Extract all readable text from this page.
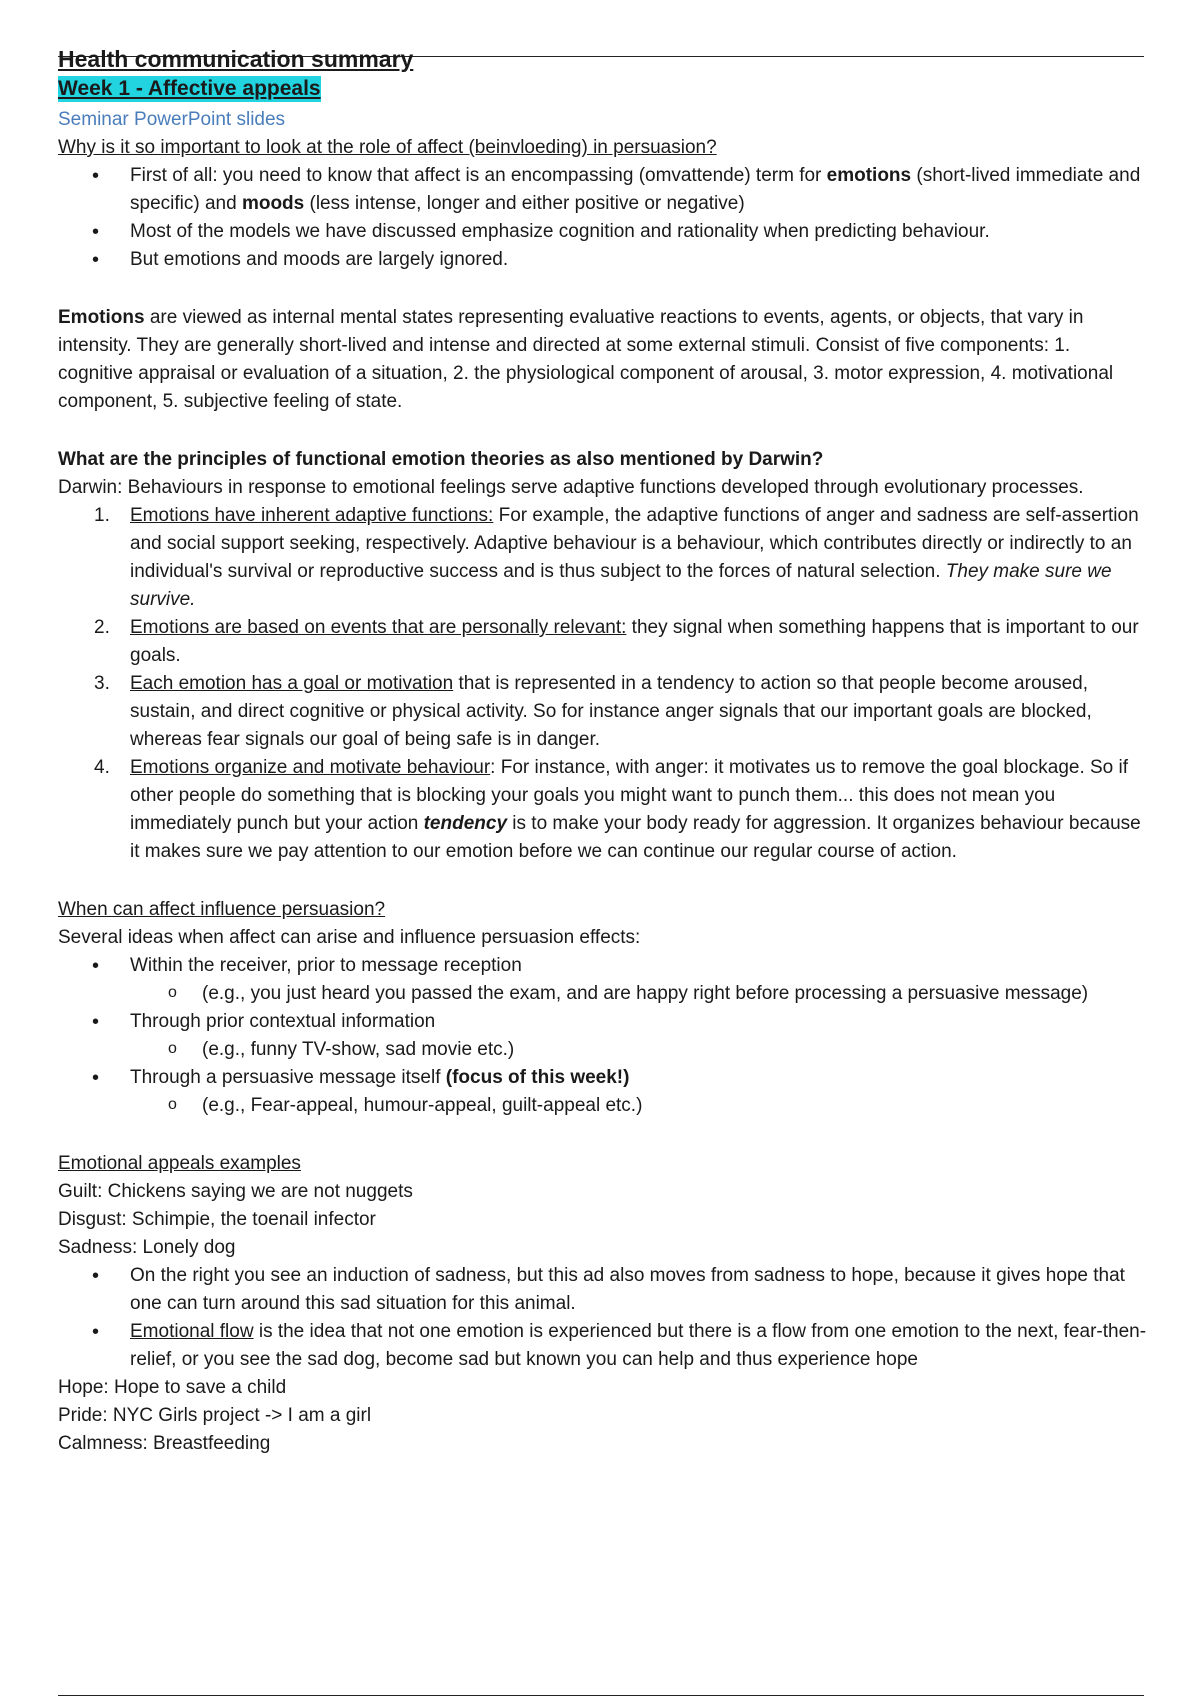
Health communication summary
Week 1 - Affective appeals
Seminar PowerPoint slides

Why is it so important to look at the role of affect (beinvloeding) in persuasion?

• First of all: you need to know that affect is an encompassing (omvattende) term for emotions (short-lived immediate and specific) and moods (less intense, longer and either positive or negative)
• Most of the models we have discussed emphasize cognition and rationality when predicting behaviour.
• But emotions and moods are largely ignored.

Emotions are viewed as internal mental states representing evaluative reactions to events, agents, or objects, that vary in intensity. They are generally short-lived and intense and directed at some external stimuli. Consist of five components: 1. cognitive appraisal or evaluation of a situation, 2. the physiological component of arousal, 3. motor expression, 4. motivational component, 5. subjective feeling of state.

What are the principles of functional emotion theories as also mentioned by Darwin?

Darwin: Behaviours in response to emotional feelings serve adaptive functions developed through evolutionary processes.

1. Emotions have inherent adaptive functions: For example, the adaptive functions of anger and sadness are self-assertion and social support seeking, respectively. Adaptive behaviour is a behaviour, which contributes directly or indirectly to an individual's survival or reproductive success and is thus subject to the forces of natural selection. They make sure we survive.
2. Emotions are based on events that are personally relevant: they signal when something happens that is important to our goals.
3. Each emotion has a goal or motivation that is represented in a tendency to action so that people become aroused, sustain, and direct cognitive or physical activity. So for instance anger signals that our important goals are blocked, whereas fear signals our goal of being safe is in danger.
4. Emotions organize and motivate behaviour: For instance, with anger: it motivates us to remove the goal blockage. So if other people do something that is blocking your goals you might want to punch them... this does not mean you immediately punch but your action tendency is to make your body ready for aggression. It organizes behaviour because it makes sure we pay attention to our emotion before we can continue our regular course of action.

When can affect influence persuasion?

Several ideas when affect can arise and influence persuasion effects:

• Within the receiver, prior to message reception
o (e.g., you just heard you passed the exam, and are happy right before processing a persuasive message)
• Through prior contextual information
o (e.g., funny TV-show, sad movie etc.)
• Through a persuasive message itself (focus of this week!)
o (e.g., Fear-appeal, humour-appeal, guilt-appeal etc.)

Emotional appeals examples

Guilt: Chickens saying we are not nuggets

Disgust: Schimpie, the toenail infector

Sadness: Lonely dog

• On the right you see an induction of sadness, but this ad also moves from sadness to hope, because it gives hope that one can turn around this sad situation for this animal.
• Emotional flow is the idea that not one emotion is experienced but there is a flow from one emotion to the next, fear-then-relief, or you see the sad dog, become sad but known you can help and thus experience hope

Hope: Hope to save a child

Pride: NYC Girls project -> I am a girl

Calmness: Breastfeeding
